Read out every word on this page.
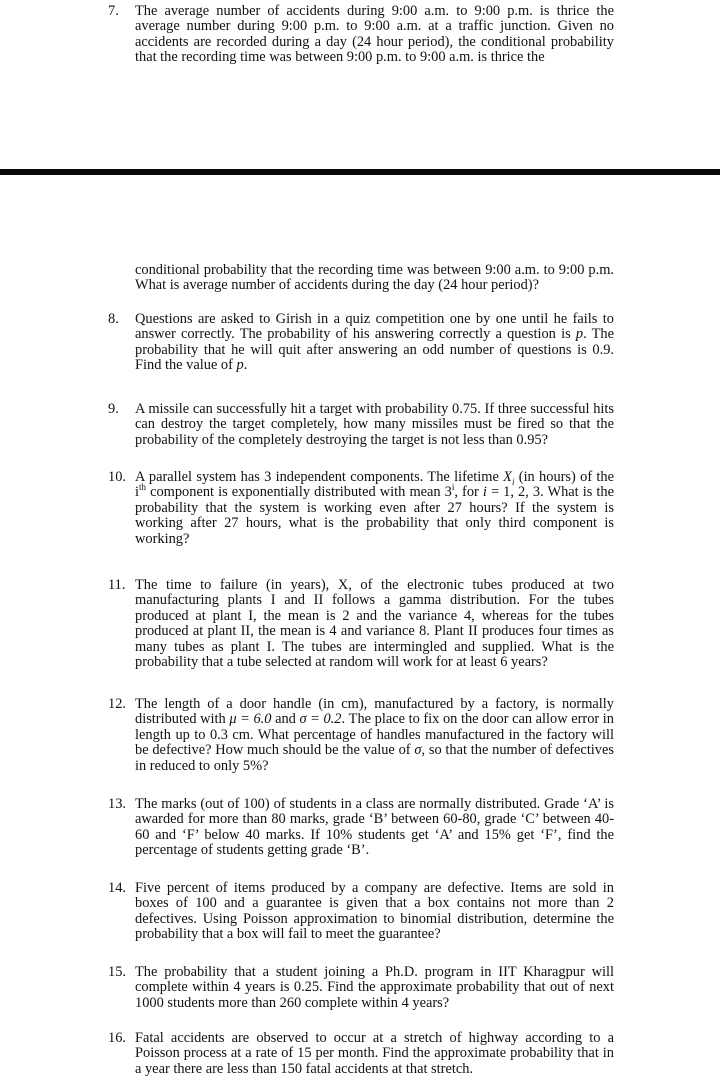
7.	The average number of accidents during 9:00 a.m. to 9:00 p.m. is thrice the average number during 9:00 p.m. to 9:00 a.m. at a traffic junction. Given no accidents are recorded during a day (24 hour period), the conditional probability that the recording time was between 9:00 p.m. to 9:00 a.m. is thrice the
conditional probability that the recording time was between 9:00 a.m. to 9:00 p.m. What is average number of accidents during the day (24 hour period)?
8.	Questions are asked to Girish in a quiz competition one by one until he fails to answer correctly. The probability of his answering correctly a question is p. The probability that he will quit after answering an odd number of questions is 0.9. Find the value of p.
9.	A missile can successfully hit a target with probability 0.75. If three successful hits can destroy the target completely, how many missiles must be fired so that the probability of the completely destroying the target is not less than 0.95?
10. A parallel system has 3 independent components. The lifetime $X_i$ (in hours) of the $i^{th}$ component is exponentially distributed with mean 3$^i$, for i = 1, 2, 3. What is the probability that the system is working even after 27 hours? If the system is working after 27 hours, what is the probability that only third component is working?
11. The time to failure (in years), X, of the electronic tubes produced at two manufacturing plants I and II follows a gamma distribution. For the tubes produced at plant I, the mean is 2 and the variance 4, whereas for the tubes produced at plant II, the mean is 4 and variance 8. Plant II produces four times as many tubes as plant I. The tubes are intermingled and supplied. What is the probability that a tube selected at random will work for at least 6 years?
12. The length of a door handle (in cm), manufactured by a factory, is normally distributed with μ = 6.0 and σ = 0.2. The place to fix on the door can allow error in length up to 0.3 cm. What percentage of handles manufactured in the factory will be defective? How much should be the value of σ, so that the number of defectives in reduced to only 5%?
13. The marks (out of 100) of students in a class are normally distributed. Grade ‘A’ is awarded for more than 80 marks, grade ‘B’ between 60-80, grade ‘C’ between 40-60 and ‘F’ below 40 marks. If 10% students get ‘A’ and 15% get ‘F’, find the percentage of students getting grade ‘B’.
14. Five percent of items produced by a company are defective. Items are sold in boxes of 100 and a guarantee is given that a box contains not more than 2 defectives. Using Poisson approximation to binomial distribution, determine the probability that a box will fail to meet the guarantee?
15. The probability that a student joining a Ph.D. program in IIT Kharagpur will complete within 4 years is 0.25. Find the approximate probability that out of next 1000 students more than 260 complete within 4 years?
16. Fatal accidents are observed to occur at a stretch of highway according to a Poisson process at a rate of 15 per month. Find the approximate probability that in a year there are less than 150 fatal accidents at that stretch.
